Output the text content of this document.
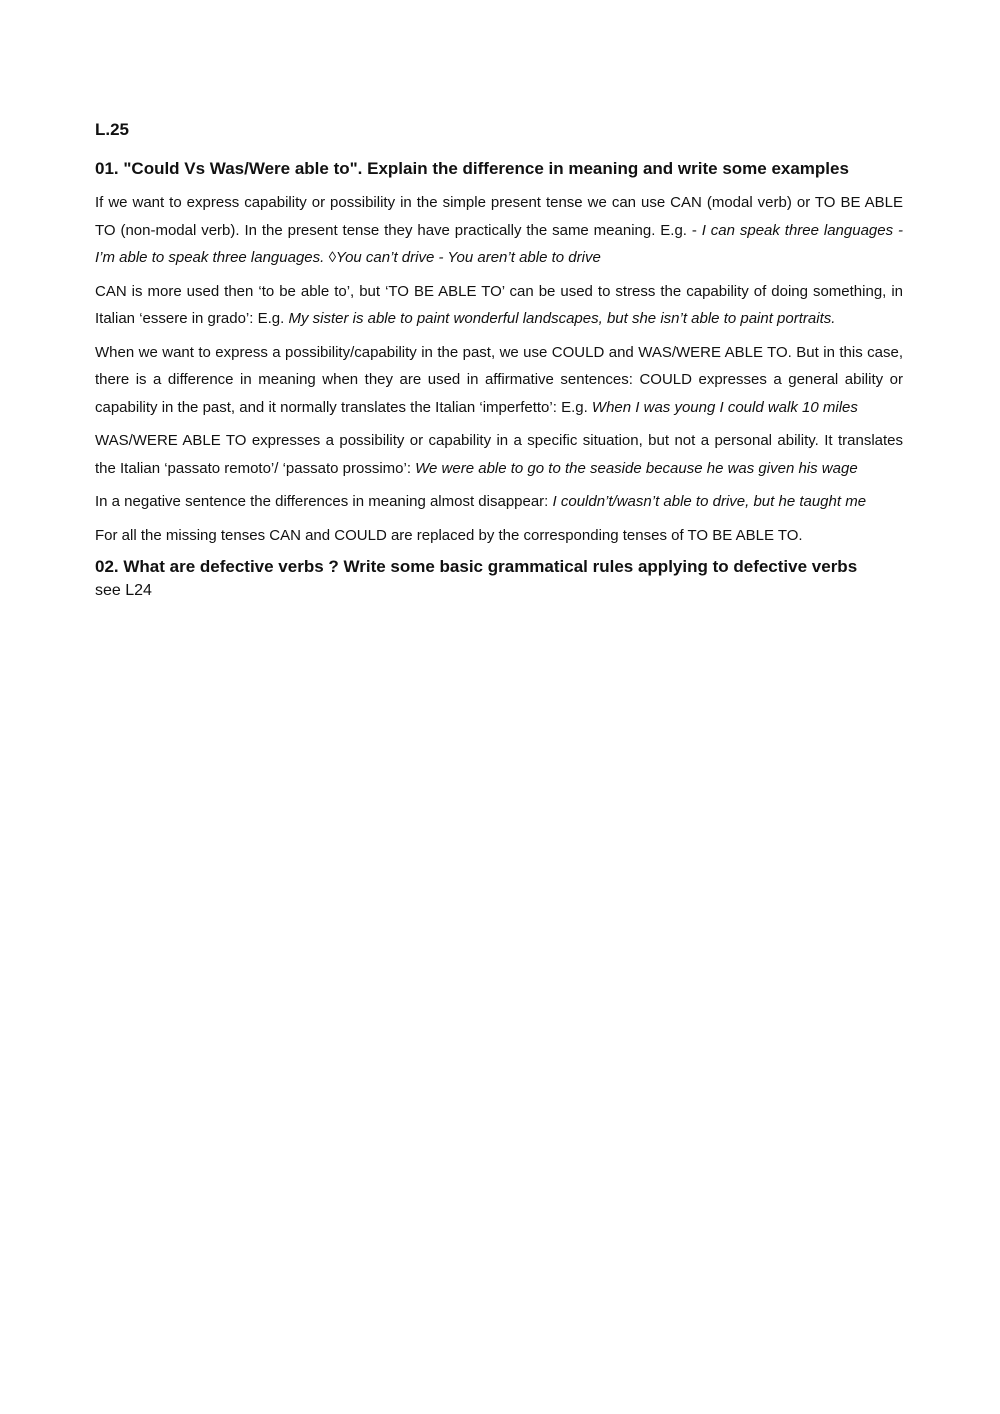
L.25
01. "Could Vs Was/Were able to". Explain the difference in meaning and write some examples

If we want to express capability or possibility in the simple present tense we can use CAN (modal verb) or TO BE ABLE TO (non-modal verb). In the present tense they have practically the same meaning. E.g. - I can speak three languages - I’m able to speak three languages. ◊You can’t drive - You aren’t able to drive

CAN is more used then ‘to be able to’, but ‘TO BE ABLE TO’ can be used to stress the capability of doing something, in Italian ‘essere in grado’: E.g. My sister is able to paint wonderful landscapes, but she isn’t able to paint portraits.

When we want to express a possibility/capability in the past, we use COULD and WAS/WERE ABLE TO. But in this case, there is a difference in meaning when they are used in affirmative sentences: COULD expresses a general ability or capability in the past, and it normally translates the Italian ‘imperfetto’: E.g. When I was young I could walk 10 miles

WAS/WERE ABLE TO expresses a possibility or capability in a specific situation, but not a personal ability. It translates the Italian ‘passato remoto’/ ‘passato prossimo’: We were able to go to the seaside because he was given his wage

In a negative sentence the differences in meaning almost disappear: I couldn’t/wasn’t able to drive, but he taught me

For all the missing tenses CAN and COULD are replaced by the corresponding tenses of TO BE ABLE TO.

02. What are defective verbs ? Write some basic grammatical rules applying to defective verbs
see L24
